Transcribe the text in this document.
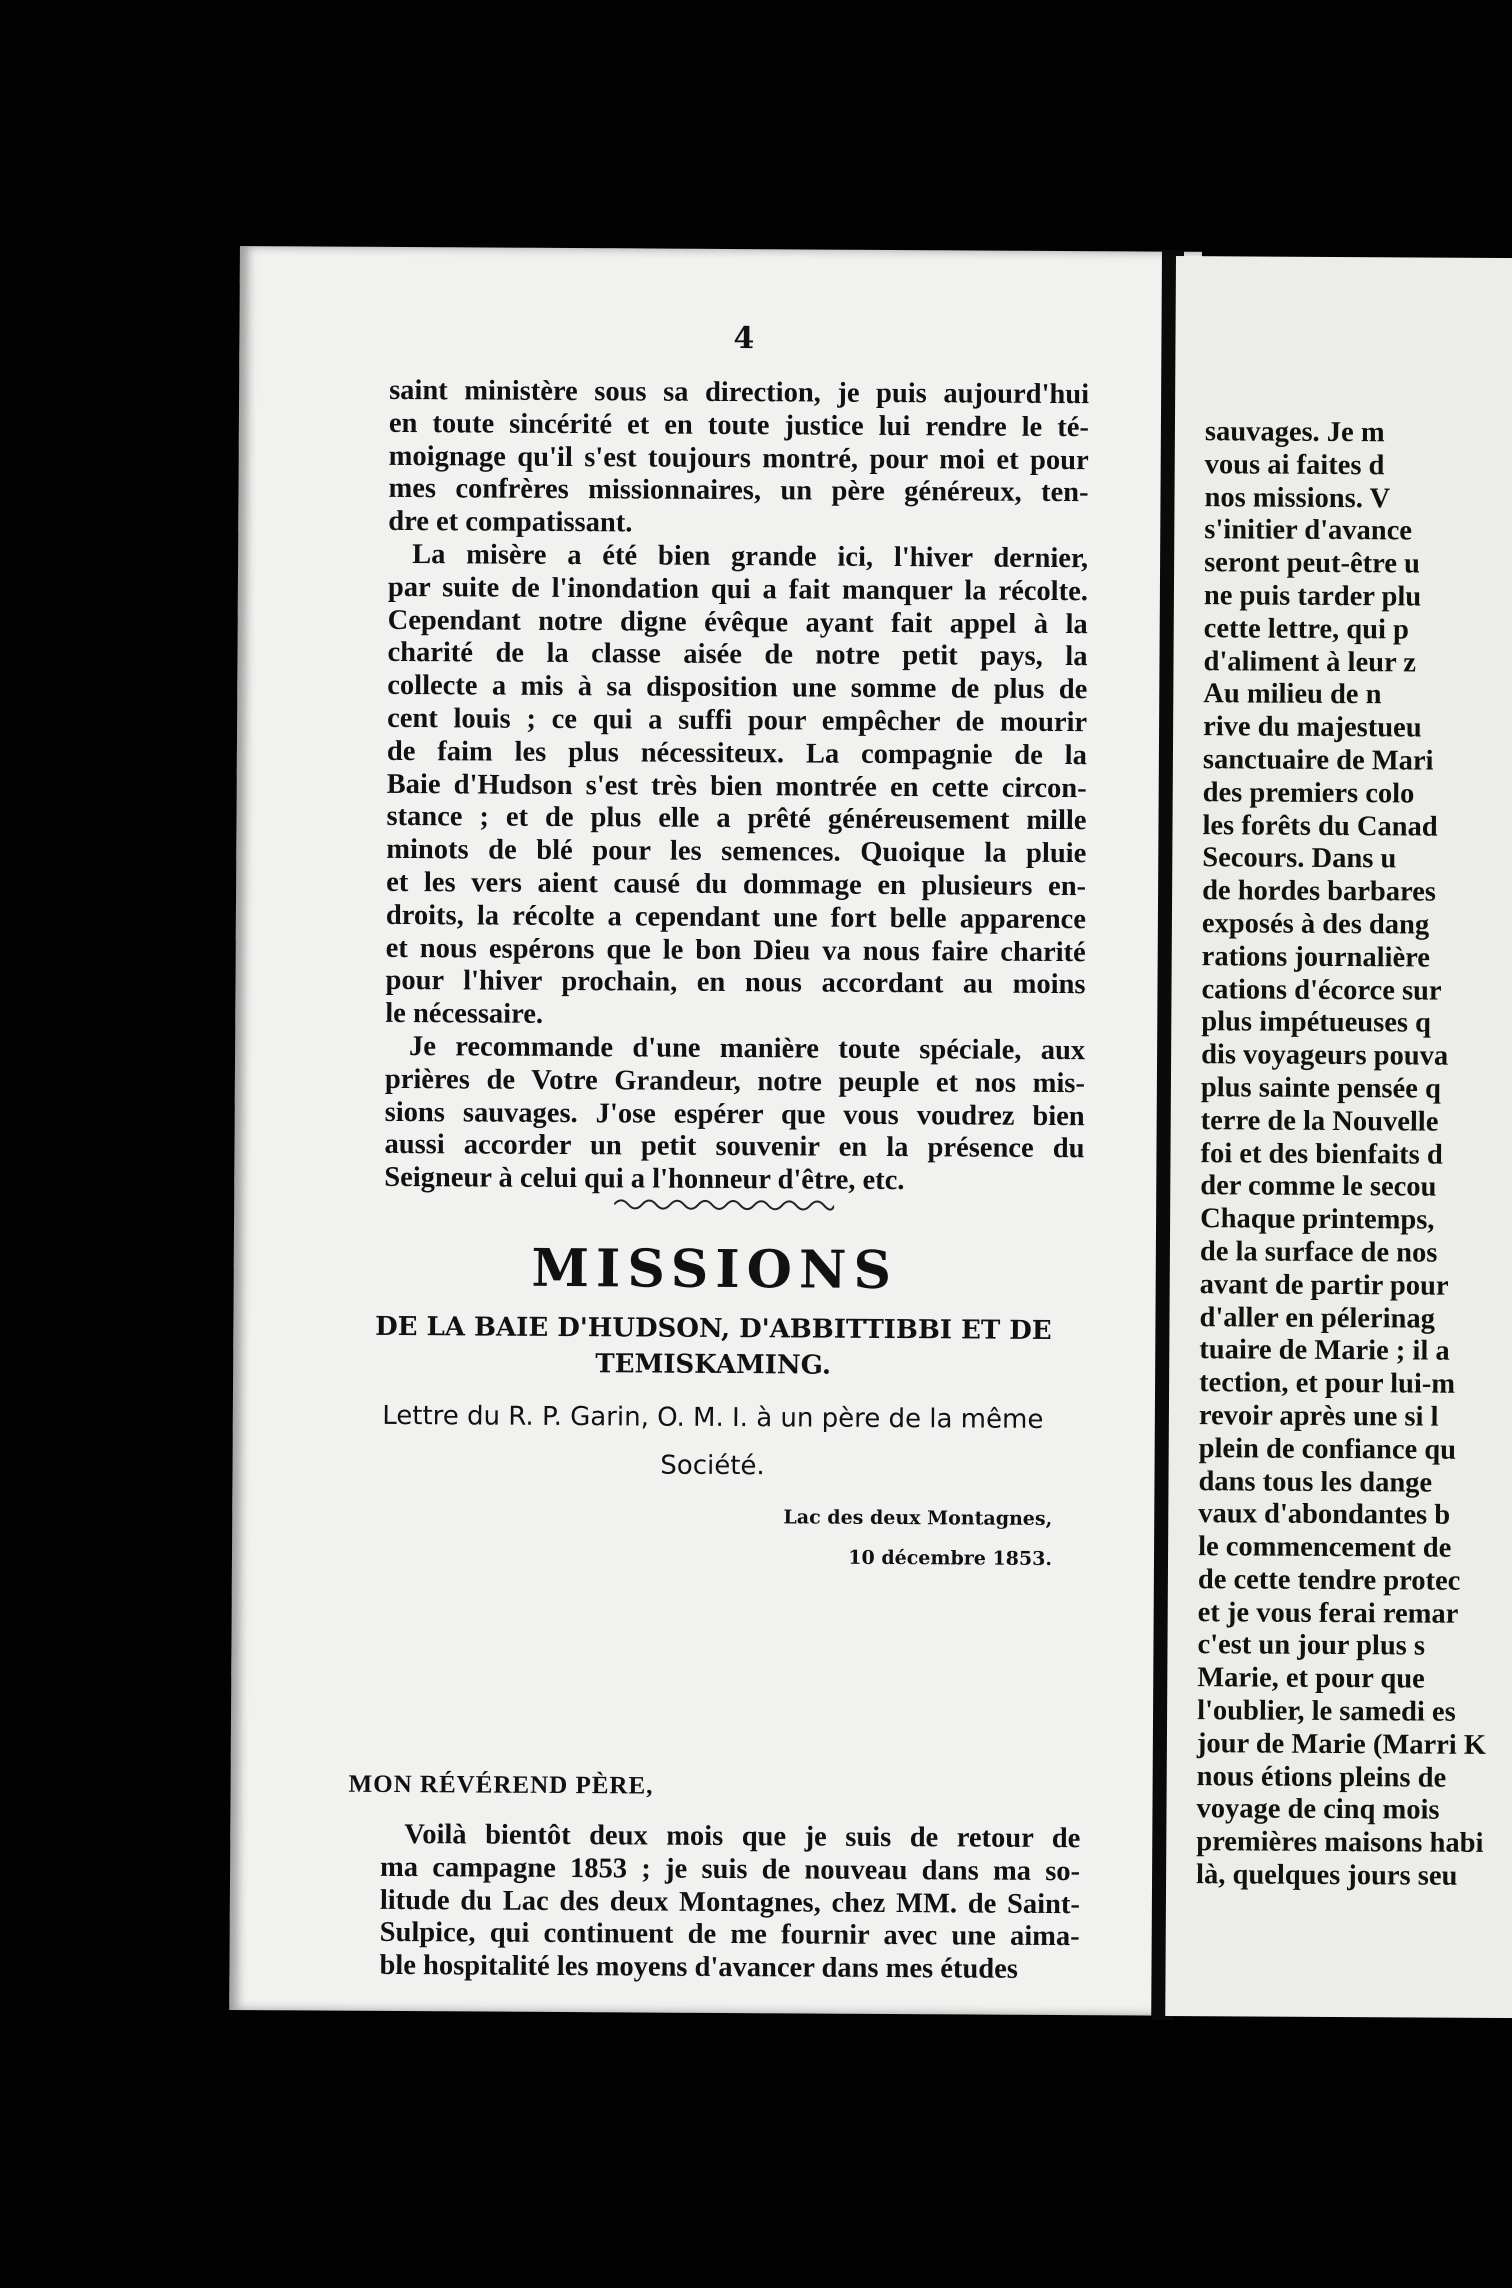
4

saint ministère sous sa direction, je puis aujourd'hui

en toute sincérité et en toute justice lui rendre le té-

moignage qu'il s'est toujours montré, pour moi et pour

mes confrères missionnaires, un père généreux, ten-

dre et compatissant.

La misère a été bien grande ici, l'hiver dernier,

par suite de l'inondation qui a fait manquer la récolte.

Cependant notre digne évêque ayant fait appel à la

charité de la classe aisée de notre petit pays, la

collecte a mis à sa disposition une somme de plus de

cent louis ; ce qui a suffi pour empêcher de mourir

de faim les plus nécessiteux. La compagnie de la

Baie d'Hudson s'est très bien montrée en cette circon-

stance ; et de plus elle a prêté généreusement mille

minots de blé pour les semences. Quoique la pluie

et les vers aient causé du dommage en plusieurs en-

droits, la récolte a cependant une fort belle apparence

et nous espérons que le bon Dieu va nous faire charité

pour l'hiver prochain, en nous accordant au moins

le nécessaire.

Je recommande d'une manière toute spéciale, aux

prières de Votre Grandeur, notre peuple et nos mis-

sions sauvages. J'ose espérer que vous voudrez bien

aussi accorder un petit souvenir en la présence du

Seigneur à celui qui a l'honneur d'être, etc.

MISSIONS
DE LA BAIE D'HUDSON, D'ABBITTIBBI ET DE
TEMISKAMING.
Lettre du R. P. Garin, O. M. I. à un père de la même
Société.
Lac des deux Montagnes,
10 décembre 1853.
MON RÉVÉREND PÈRE,

Voilà bientôt deux mois que je suis de retour de

ma campagne 1853 ; je suis de nouveau dans ma so-

litude du Lac des deux Montagnes, chez MM. de Saint-

Sulpice, qui continuent de me fournir avec une aima-

ble hospitalité les moyens d'avancer dans mes études

sauvages. Je m
vous ai faites d
nos missions. V
s'initier d'avance
seront peut-être u
ne puis tarder plu
cette lettre, qui p
d'aliment à leur z
Au milieu de n
rive du majestueu
sanctuaire de Mari
des premiers colo
les forêts du Canad
Secours. Dans u
de hordes barbares
exposés à des dang
rations journalière
cations d'écorce sur
plus impétueuses q
dis voyageurs pouva
plus sainte pensée q
terre de la Nouvelle
foi et des bienfaits d
der comme le secou
Chaque printemps,
de la surface de nos
avant de partir pour
d'aller en pélerinag
tuaire de Marie ; il a
tection, et pour lui-m
revoir après une si l
plein de confiance qu
dans tous les dange
vaux d'abondantes b
le commencement de
de cette tendre protec
et je vous ferai remar
c'est un jour plus s
Marie, et pour que
l'oublier, le samedi es
jour de Marie (Marri K
nous étions pleins de
voyage de cinq mois
premières maisons habi
là, quelques jours seu
